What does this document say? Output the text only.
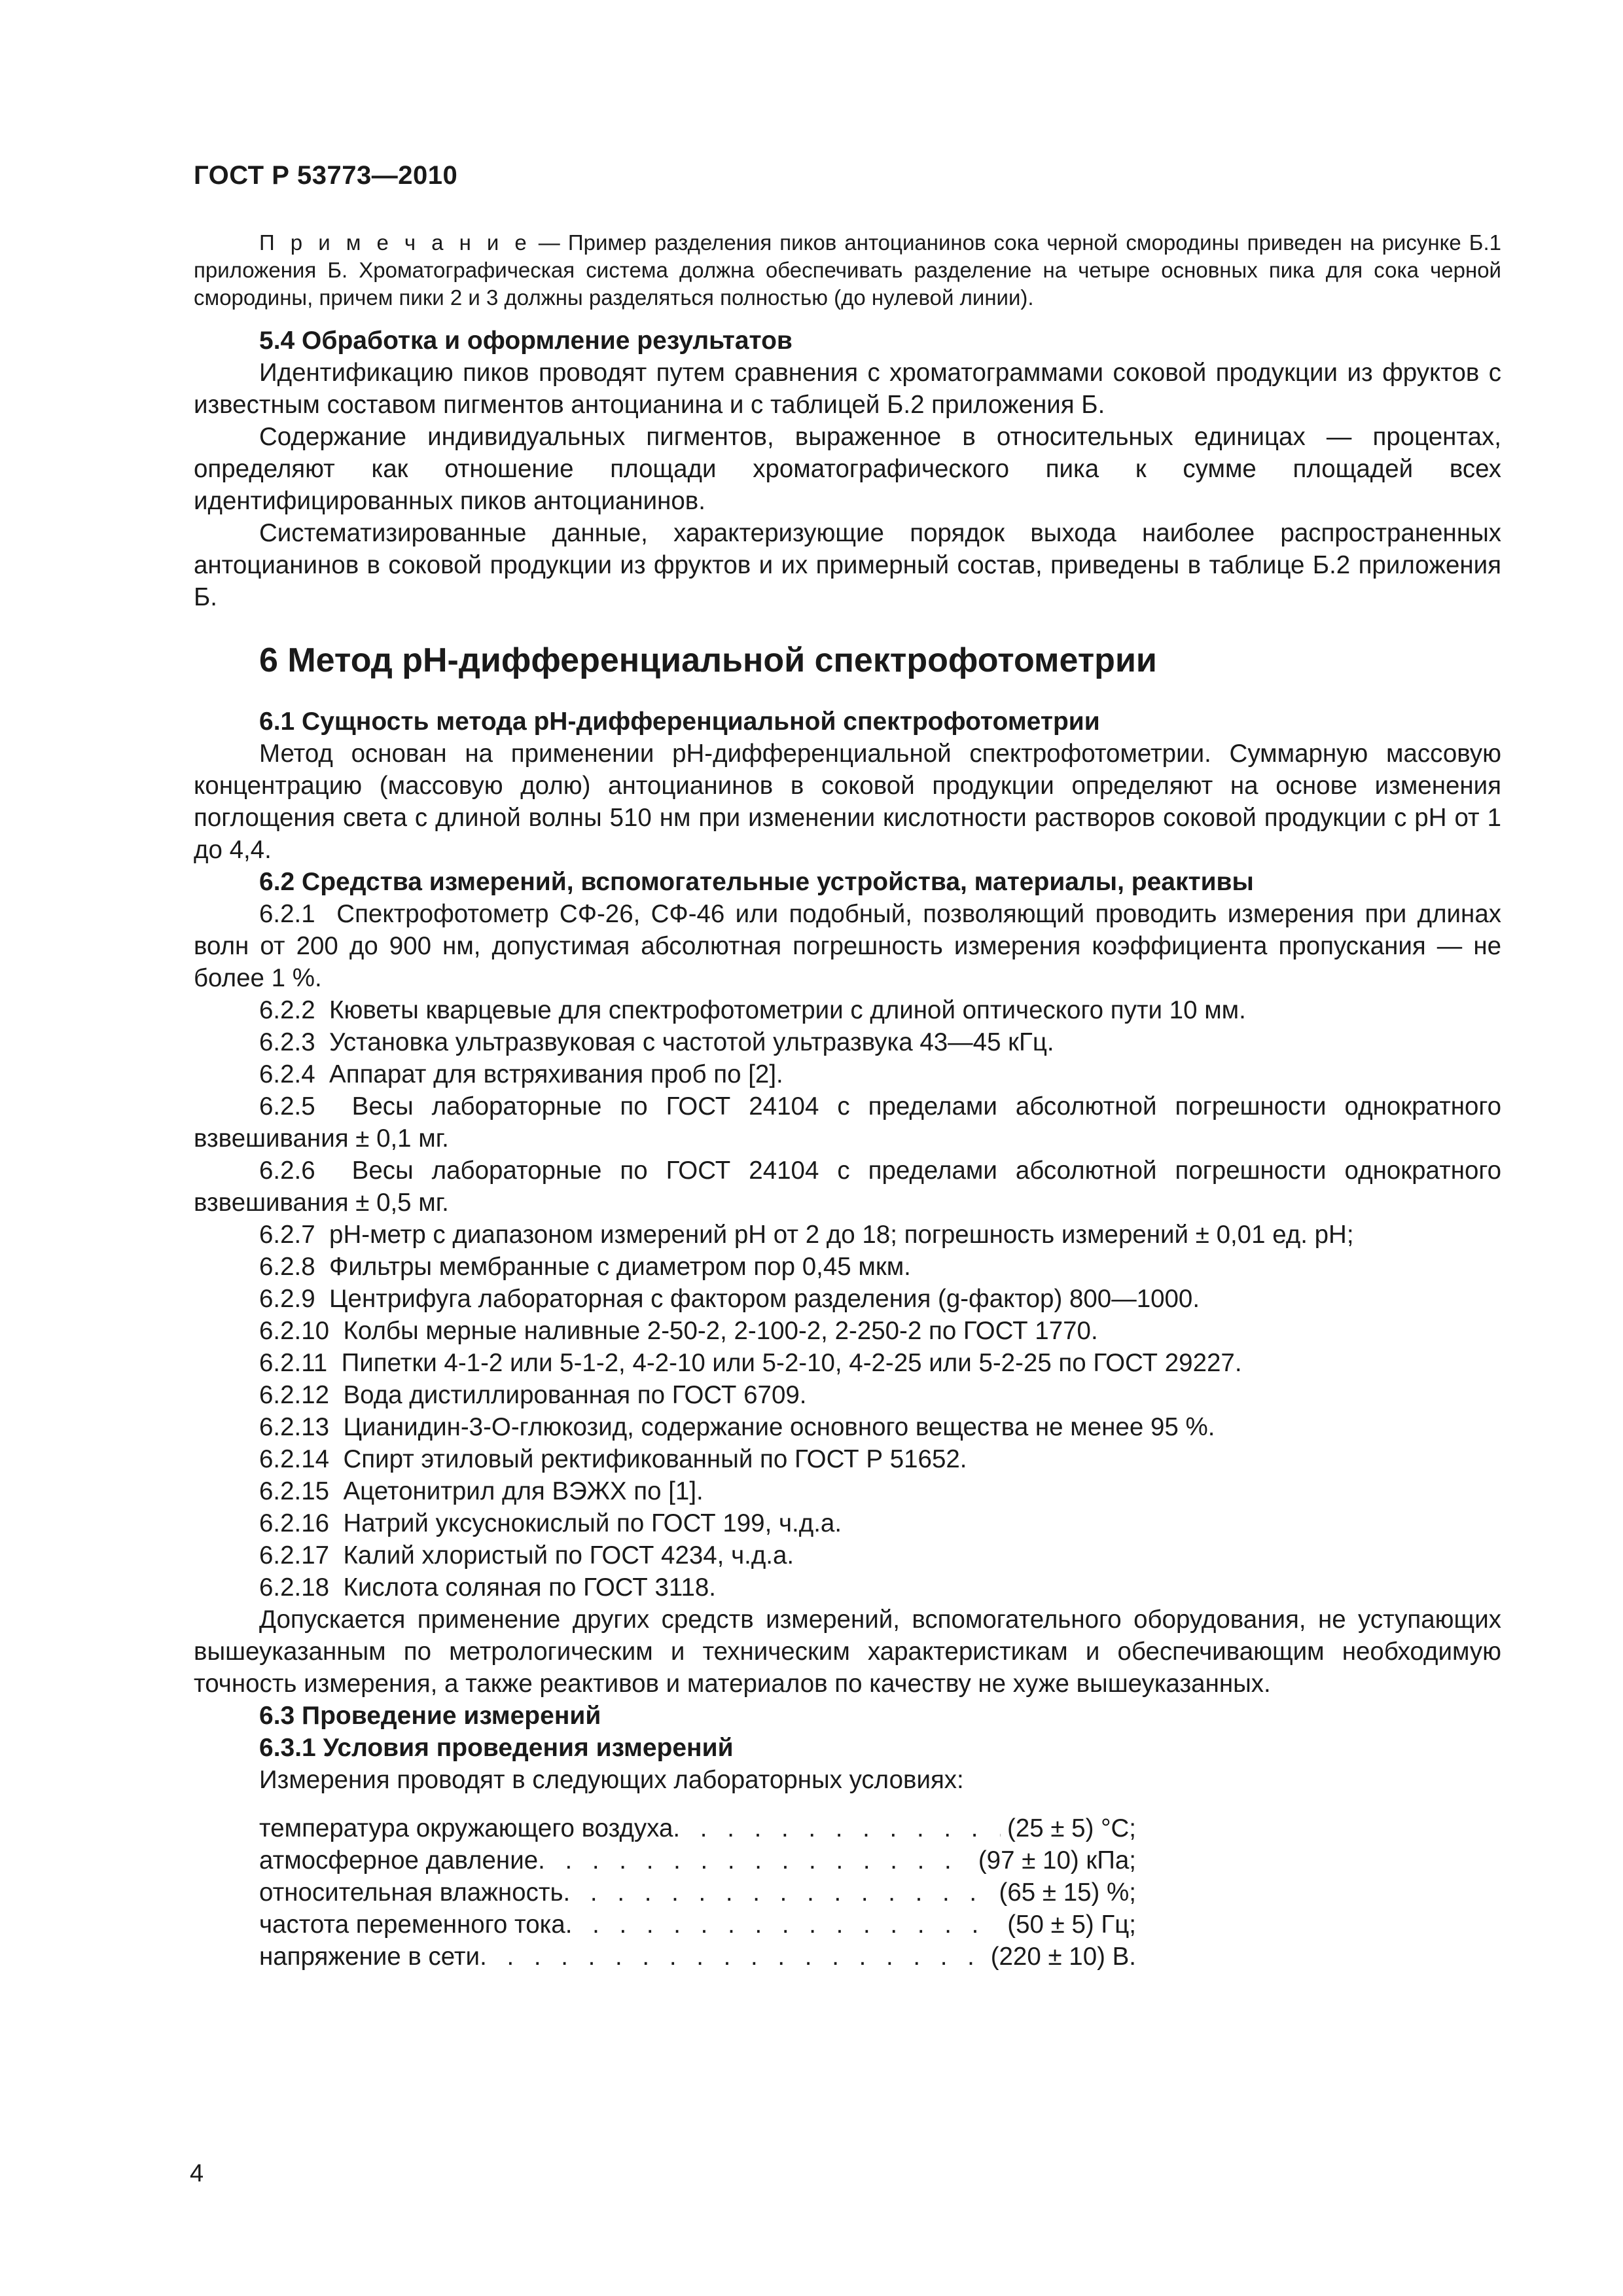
ГОСТ Р 53773—2010

П р и м е ч а н и е — Пример разделения пиков антоцианинов сока черной смородины приведен на рисунке Б.1 приложения Б. Хроматографическая система должна обеспечивать разделение на четыре основных пика для сока черной смородины, причем пики 2 и 3 должны разделяться полностью (до нулевой линии).

5.4 Обработка и оформление результатов

Идентификацию пиков проводят путем сравнения с хроматограммами соковой продукции из фруктов с известным составом пигментов антоцианина и с таблицей Б.2 приложения Б.

Содержание индивидуальных пигментов, выраженное в относительных единицах — процентах, определяют как отношение площади хроматографического пика к сумме площадей всех идентифицированных пиков антоцианинов.

Систематизированные данные, характеризующие порядок выхода наиболее распространенных антоцианинов в соковой продукции из фруктов и их примерный состав, приведены в таблице Б.2 приложения Б.

6 Метод pH-дифференциальной спектрофотометрии

6.1 Сущность метода pH-дифференциальной спектрофотометрии

Метод основан на применении pH-дифференциальной спектрофотометрии. Суммарную массовую концентрацию (массовую долю) антоцианинов в соковой продукции определяют на основе изменения поглощения света с длиной волны 510 нм при изменении кислотности растворов соковой продукции с pH от 1 до 4,4.

6.2 Средства измерений, вспомогательные устройства, материалы, реактивы

6.2.1 Спектрофотометр СФ-26, СФ-46 или подобный, позволяющий проводить измерения при длинах волн от 200 до 900 нм, допустимая абсолютная погрешность измерения коэффициента пропускания — не более 1 %.

6.2.2 Кюветы кварцевые для спектрофотометрии с длиной оптического пути 10 мм.

6.2.3 Установка ультразвуковая с частотой ультразвука 43—45 кГц.

6.2.4 Аппарат для встряхивания проб по [2].

6.2.5 Весы лабораторные по ГОСТ 24104 с пределами абсолютной погрешности однократного взвешивания ± 0,1 мг.

6.2.6 Весы лабораторные по ГОСТ 24104 с пределами абсолютной погрешности однократного взвешивания ± 0,5 мг.

6.2.7 pH-метр с диапазоном измерений pH от 2 до 18; погрешность измерений ± 0,01 ед. pH;

6.2.8 Фильтры мембранные с диаметром пор 0,45 мкм.

6.2.9 Центрифуга лабораторная с фактором разделения (g-фактор) 800—1000.

6.2.10 Колбы мерные наливные 2-50-2, 2-100-2, 2-250-2 по ГОСТ 1770.

6.2.11 Пипетки 4-1-2 или 5-1-2, 4-2-10 или 5-2-10, 4-2-25 или 5-2-25 по ГОСТ 29227.

6.2.12 Вода дистиллированная по ГОСТ 6709.

6.2.13 Цианидин-3-О-глюкозид, содержание основного вещества не менее 95 %.

6.2.14 Спирт этиловый ректификованный по ГОСТ Р 51652.

6.2.15 Ацетонитрил для ВЭЖХ по [1].

6.2.16 Натрий уксуснокислый по ГОСТ 199, ч.д.а.

6.2.17 Калий хлористый по ГОСТ 4234, ч.д.а.

6.2.18 Кислота соляная по ГОСТ 3118.

Допускается применение других средств измерений, вспомогательного оборудования, не уступающих вышеуказанным по метрологическим и техническим характеристикам и обеспечивающим необходимую точность измерения, а также реактивов и материалов по качеству не хуже вышеуказанных.

6.3 Проведение измерений

6.3.1 Условия проведения измерений

Измерения проводят в следующих лабораторных условиях:

температура окружающего воздуха . . .	(25 ± 5) °С;
атмосферное давление . . .	(97 ± 10) кПа;
относительная влажность . . .	(65 ± 15) %;
частота переменного тока . . .	(50 ± 5) Гц;
напряжение в сети . . .	(220 ± 10) В.
4
